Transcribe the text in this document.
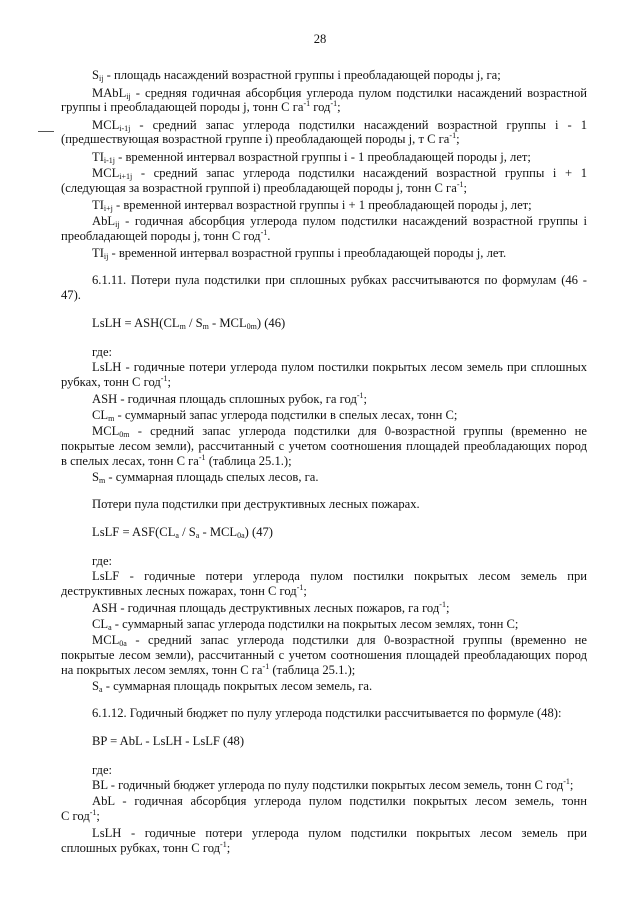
28
$S_{ij}$ - площадь насаждений возрастной группы i преобладающей породы j, га;
MAbL$_{ij}$ - средняя годичная абсорбция углерода пулом подстилки насаждений возрастной
группы i преобладающей породы j, тонн С $га^{-1}$ год$^{-1}$;
$MCL_{i-1j}$ - средний запас углерода подстилки насаждений возрастной группы i - 1
(предшествующая возрастной группе i) преобладающей породы j, т С $га^{-1}$;
$TI_{i-1j}$ - временной интервал возрастной группы i - 1 преобладающей породы j, лет;
$MCL_{i+1j}$ - средний запас углерода подстилки насаждений возрастной группы i + 1
(следующая за возрастной группой i) преобладающей породы j, тонн С $га^{-1}$;
$TI_{i+j}$ - временной интервал возрастной группы i + 1 преобладающей породы j, лет;
AbL$_{ij}$ - годичная абсорбция углерода пулом подстилки насаждений возрастной группы i
преобладающей породы j, тонн С год$^{-1}$.
$TI_{ij}$ - временной интервал возрастной группы i преобладающей породы j, лет.
6.1.11. Потери пула подстилки при сплошных рубках рассчитываются по формулам (46 -
47).
LsLH = $ASH(CL_m / S_m - MCL_{0m})$ (46)
где:
LsLH - годичные потери углерода пулом постилки покрытых лесом земель при сплошных
рубках, тонн С год$^{-1}$;
ASH - годичная площадь сплошных рубок, га год$^{-1}$;
$CL_m$ - суммарный запас углерода подстилки в спелых лесах, тонн С;
$MCL_{0m}$ - средний запас углерода подстилки для 0-возрастной группы (временно не
покрытые лесом земли), рассчитанный с учетом соотношения площадей преобладающих пород
в спелых лесах, тонн С $га^{-1}$ (таблица 25.1.);
$S_m$ - суммарная площадь спелых лесов, га.
Потери пула подстилки при деструктивных лесных пожарах.
LsLF = $ASF(CL_a / S_a - MCL_{0a})$ (47)
где:
LsLF - годичные потери углерода пулом постилки покрытых лесом земель при
деструктивных лесных пожарах, тонн С год$^{-1}$;
ASH - годичная площадь деструктивных лесных пожаров, га год$^{-1}$;
$CL_a$ - суммарный запас углерода подстилки на покрытых лесом землях, тонн С;
$MCL_{0a}$ - средний запас углерода подстилки для 0-возрастной группы (временно не
покрытые лесом земли), рассчитанный с учетом соотношения площадей преобладающих пород
на покрытых лесом землях, тонн С $га^{-1}$ (таблица 25.1.);
$S_a$ - суммарная площадь покрытых лесом земель, га.
6.1.12. Годичный бюджет по пулу углерода подстилки рассчитывается по формуле (48):
BP = AbL - LsLH - LsLF (48)
где:
BL - годичный бюджет углерода по пулу подстилки покрытых лесом земель, тонн С год$^{-1}$;
AbL - годичная абсорбция углерода пулом подстилки покрытых лесом земель, тонн
С год$^{-1}$;
LsLH - годичные потери углерода пулом подстилки покрытых лесом земель при
сплошных рубках, тонн С год$^{-1}$;
